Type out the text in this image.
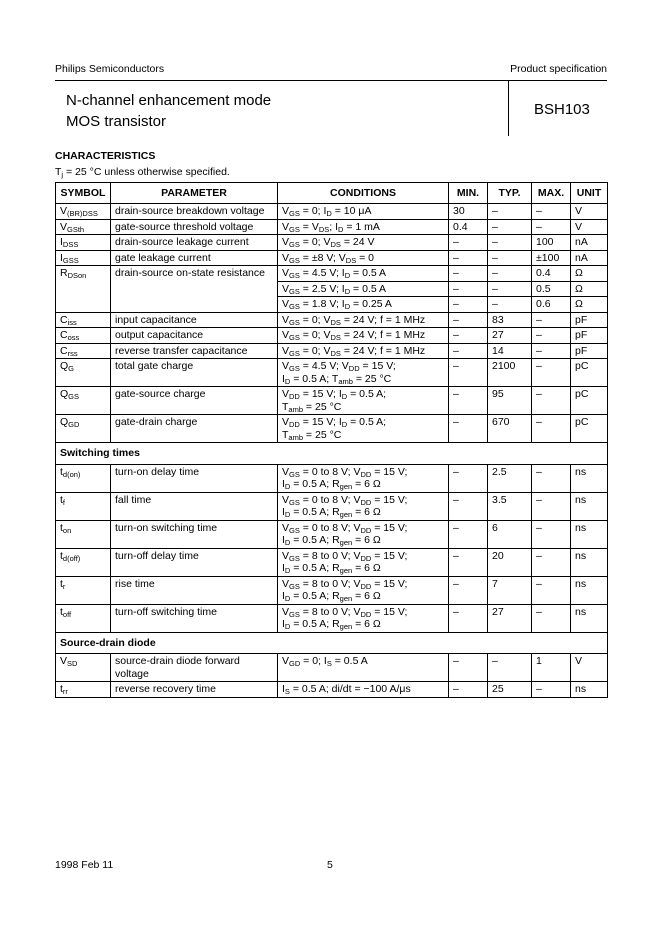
Philips Semiconductors	Product specification
N-channel enhancement mode
MOS transistor
BSH103
CHARACTERISTICS
$T_j = 25$ °C unless otherwise specified.
SYMBOL	PARAMETER	CONDITIONS	MIN.	TYP.	MAX.	UNIT
$V_{(BR)DSS}$	drain-source breakdown voltage	$V_{GS} = 0$; $I_D = 10$ μA	30	–	–	V
$V_{GSth}$	gate-source threshold voltage	$V_{GS} = V_{DS}$; $I_D = 1$ mA	0.4	–	–	V
$I_{DSS}$	drain-source leakage current	$V_{GS} = 0$; $V_{DS} = 24$ V	–	–	100	nA
$I_{GSS}$	gate leakage current	$V_{GS} = \pm 8$ V; $V_{DS} = 0$	–	–	±100	nA
$R_{DSon}$	drain-source on-state resistance	$V_{GS} = 4.5$ V; $I_D = 0.5$ A	–	–	0.4	Ω
		$V_{GS} = 2.5$ V; $I_D = 0.5$ A	–	–	0.5	Ω
		$V_{GS} = 1.8$ V; $I_D = 0.25$ A	–	–	0.6	Ω
$C_{iss}$	input capacitance	$V_{GS} = 0$; $V_{DS} = 24$ V; f = 1 MHz	–	83	–	pF
$C_{oss}$	output capacitance	$V_{GS} = 0$; $V_{DS} = 24$ V; f = 1 MHz	–	27	–	pF
$C_{rss}$	reverse transfer capacitance	$V_{GS} = 0$; $V_{DS} = 24$ V; f = 1 MHz	–	14	–	pF
$Q_G$	total gate charge	$V_{GS} = 4.5$ V; $V_{DD} = 15$ V;
$I_D = 0.5$ A; $T_{amb} = 25$ °C	–	2100	–	pC
$Q_{GS}$	gate-source charge	$V_{DD} = 15$ V; $I_D = 0.5$ A;
$T_{amb} = 25$ °C	–	95	–	pC
$Q_{GD}$	gate-drain charge	$V_{DD} = 15$ V; $I_D = 0.5$ A;
$T_{amb} = 25$ °C	–	670	–	pC
Switching times						
$t_{d(on)}$	turn-on delay time	$V_{GS} = 0$ to 8 V; $V_{DD} = 15$ V;
$I_D = 0.5$ A; $R_{gen} = 6$ Ω	–	2.5	–	ns
$t_f$	fall time	$V_{GS} = 0$ to 8 V; $V_{DD} = 15$ V;
$I_D = 0.5$ A; $R_{gen} = 6$ Ω	–	3.5	–	ns
$t_{on}$	turn-on switching time	$V_{GS} = 0$ to 8 V; $V_{DD} = 15$ V;
$I_D = 0.5$ A; $R_{gen} = 6$ Ω	–	6	–	ns
$t_{d(off)}$	turn-off delay time	$V_{GS} = 8$ to 0 V; $V_{DD} = 15$ V;
$I_D = 0.5$ A; $R_{gen} = 6$ Ω	–	20	–	ns
$t_r$	rise time	$V_{GS} = 8$ to 0 V; $V_{DD} = 15$ V;
$I_D = 0.5$ A; $R_{gen} = 6$ Ω	–	7	–	ns
$t_{off}$	turn-off switching time	$V_{GS} = 8$ to 0 V; $V_{DD} = 15$ V;
$I_D = 0.5$ A; $R_{gen} = 6$ Ω	–	27	–	ns
Source-drain diode						
$V_{SD}$	source-drain diode forward voltage	$V_{GD} = 0$; $I_S = 0.5$ A	–	–	1	V
$t_{rr}$	reverse recovery time	$I_S = 0.5$ A; di/dt = −100 A/μs	–	25	–	ns
1998 Feb 11	5
